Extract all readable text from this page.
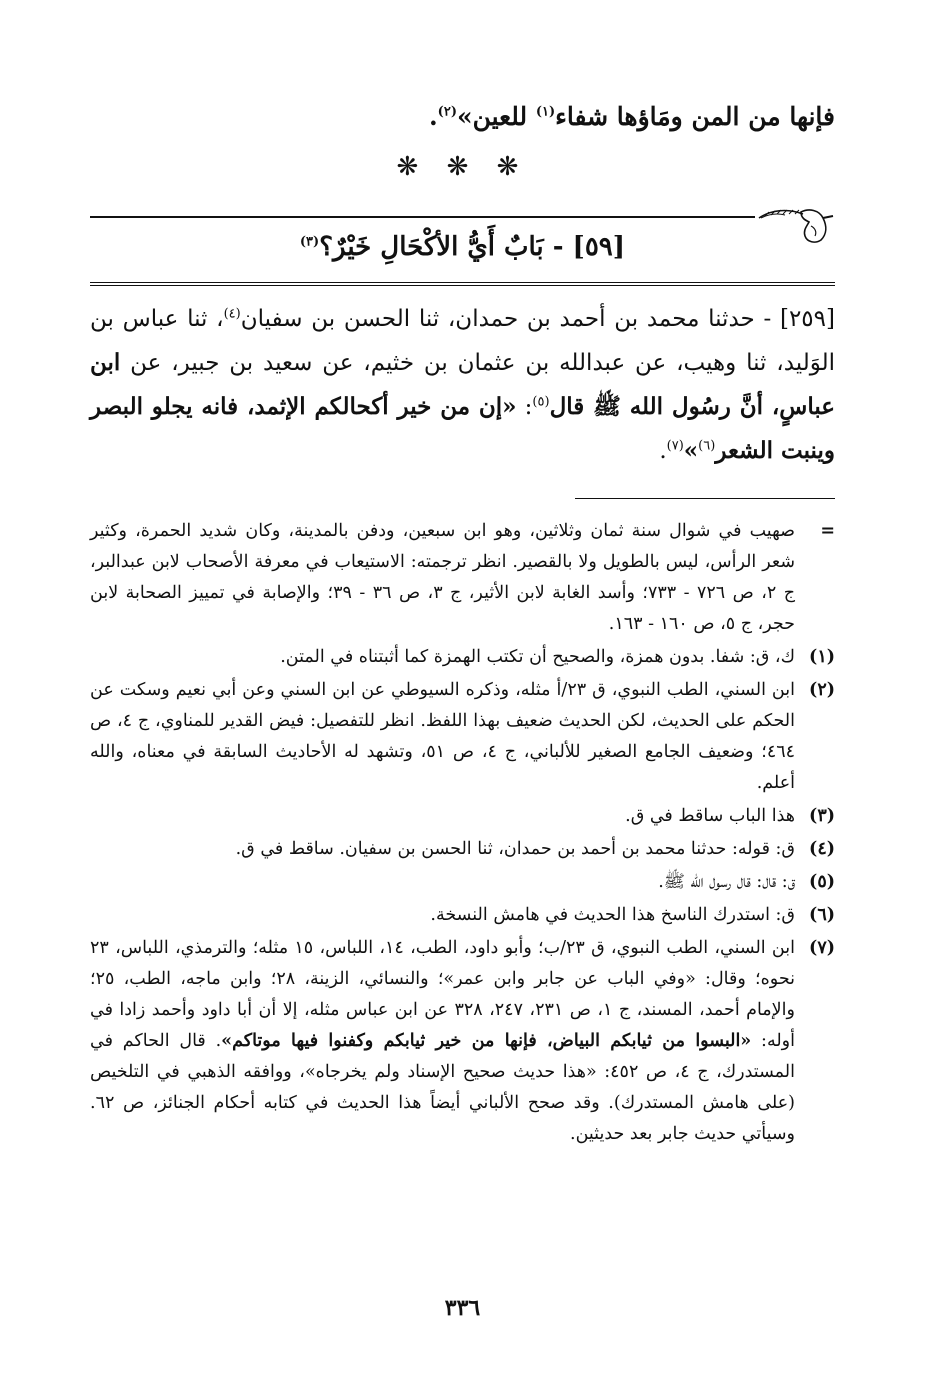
فإنها من المن ومَاؤها شفاء$^{(١)}$ للعين»$^{(٢)}$.
❋ ❋ ❋
[٥٩] - بَابٌ أَيُّ الأكْحَالِ خَيْرٌ؟$^{(٣)}$

[٢٥٩] - حدثنا محمد بن أحمد بن حمدان، ثنا الحسن بن سفيان$^{(٤)}$، ثنا عباس بن الوَليد، ثنا وهيب، عن عبدالله بن عثمان بن خثيم، عن سعيد بن جبير، عن ابن عباسٍ، أنَّ رسُول الله ﷺ قال$^{(٥)}$: «إن من خير أكحالكم الإثمد، فانه يجلو البصر وينبت الشعر$^{(٦)}$»$^{(٧)}$.

=
صهيب في شوال سنة ثمان وثلاثين، وهو ابن سبعين، ودفن بالمدينة، وكان شديد الحمرة، وكثير شعر الرأس، ليس بالطويل ولا بالقصير. انظر ترجمته: الاستيعاب في معرفة الأصحاب لابن عبدالبر، ج ٢، ص ٧٢٦ - ٧٣٣؛ وأسد الغابة لابن الأثير، ج ٣، ص ٣٦ - ٣٩؛ والإصابة في تمييز الصحابة لابن حجر، ج ٥، ص ١٦٠ - ١٦٣.
(١)
ك، ق: شفا. بدون همزة، والصحيح أن تكتب الهمزة كما أثبتناه في المتن.
(٢)
ابن السني، الطب النبوي، ق ٢٣/أ مثله، وذكره السيوطي عن ابن السني وعن أبي نعيم وسكت عن الحكم على الحديث، لكن الحديث ضعيف بهذا اللفظ. انظر للتفصيل: فيض القدير للمناوي، ج ٤، ص ٤٦٤؛ وضعيف الجامع الصغير للألباني، ج ٤، ص ٥١، وتشهد له الأحاديث السابقة في معناه، والله أعلم.
(٣)
هذا الباب ساقط في ق.
(٤)
ق: قوله: حدثنا محمد بن أحمد بن حمدان، ثنا الحسن بن سفيان. ساقط في ق.
(٥)
ق: قال: قال رسول الله ﷺ.
(٦)
ق: استدرك الناسخ هذا الحديث في هامش النسخة.
(٧)
ابن السني، الطب النبوي، ق ٢٣/ب؛ وأبو داود، الطب، ١٤، اللباس، ١٥ مثله؛ والترمذي، اللباس، ٢٣ نحوه؛ وقال: «وفي الباب عن جابر وابن عمر»؛ والنسائي، الزينة، ٢٨؛ وابن ماجه، الطب، ٢٥؛ والإمام أحمد، المسند، ج ١، ص ٢٣١، ٢٤٧، ٣٢٨ عن ابن عباس مثله، إلا أن أبا داود وأحمد زادا في أوله: «البسوا من ثيابكم البياض، فإنها من خير ثيابكم وكفنوا فيها موتاكم». قال الحاكم في المستدرك، ج ٤، ص ٤٥٢: «هذا حديث صحيح الإسناد ولم يخرجاه»، ووافقه الذهبي في التلخيص (على هامش المستدرك). وقد صحح الألباني أيضاً هذا الحديث في كتابه أحكام الجنائز، ص ٦٢. وسيأتي حديث جابر بعد حديثين.
٣٣٦
